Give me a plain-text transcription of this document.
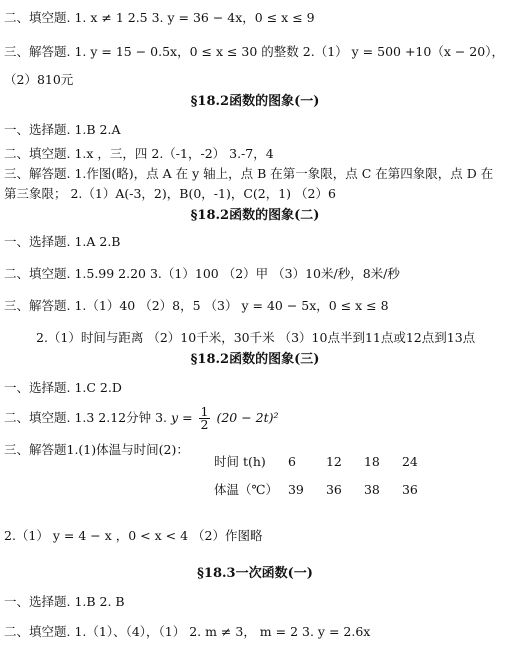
二、填空题. 1. x ≠ 1 2.5 3. y = 36 − 4x，0 ≤ x ≤ 9
三、解答题. 1. y = 15 − 0.5x，0 ≤ x ≤ 30 的整数 2.（1） y = 500 +10（x − 20），
（2）810元
§18.2函数的图象(一)
一、选择题. 1.B 2.A
二、填空题. 1.x ，三，四 2.（-1，-2） 3.-7，4
三、解答题. 1.作图(略)，点 A 在 y 轴上，点 B 在第一象限，点 C 在第四象限，点 D 在
第三象限； 2.（1）A(-3，2)，B(0，-1)，C(2，1) （2）6
§18.2函数的图象(二)
一、选择题. 1.A 2.B
二、填空题. 1.5.99 2.20 3.（1）100 （2）甲 （3）10米/秒，8米/秒
三、解答题. 1.（1）40 （2）8，5 （3） y = 40 − 5x，0 ≤ x ≤ 8
2.（1）时间与距离 （2）10千米，30千米 （3）10点半到11点或12点到13点
§18.2函数的图象(三)
一、选择题. 1.C 2.D
二、填空题. 1.3 2.12分钟 3. $y = \frac{1}{2} (20 - 2t)^2$
三、解答题1.(1)体温与时间(2)：
时间 t(h) 6 12 18 24
体温（℃） 39 36 38 36
2.（1） y = 4 − x ，0 < x < 4 （2）作图略
§18.3一次函数(一)
一、选择题. 1.B 2. B
二、填空题. 1.（1）、（4），（1） 2. m ≠ 3， m = 2 3. y = 2.6x
